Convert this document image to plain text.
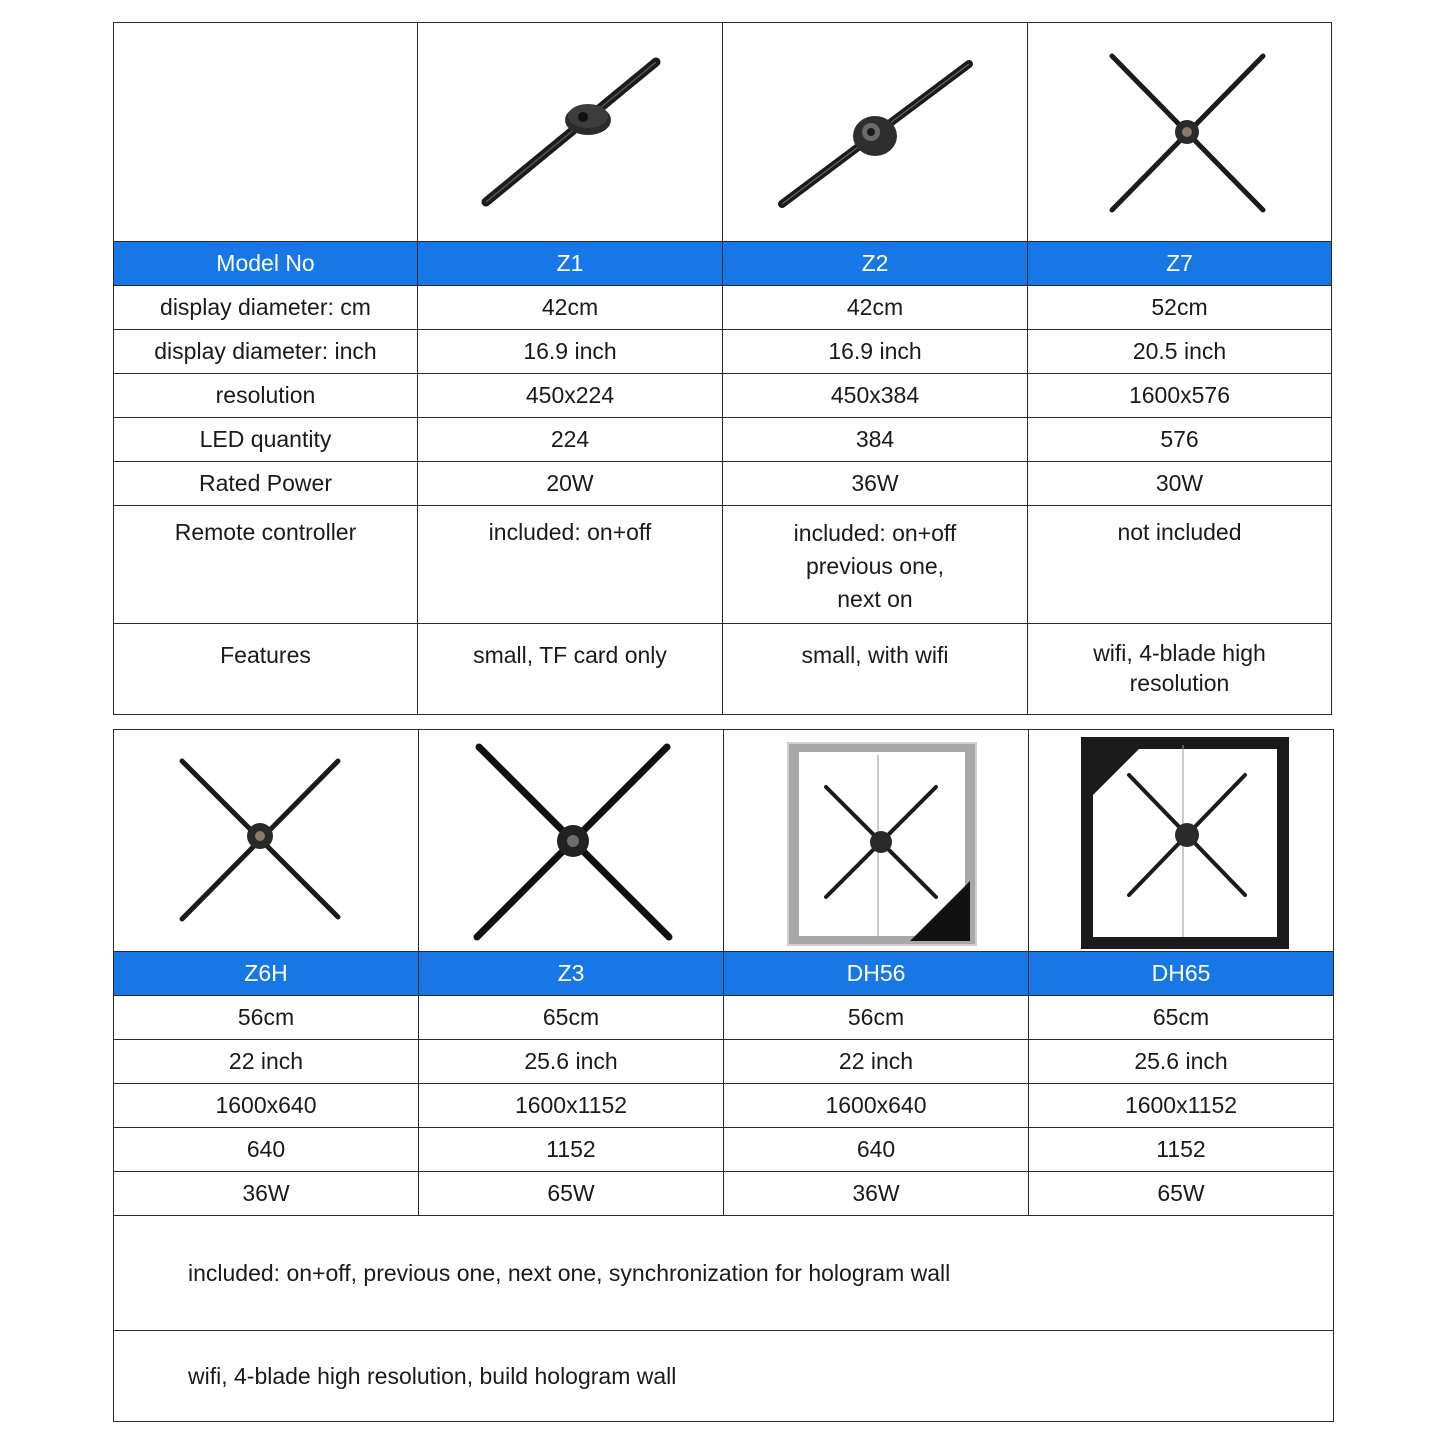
Model No	Z1	Z2	Z7
display diameter: cm	42cm	42cm	52cm
display diameter: inch	16.9 inch	16.9 inch	20.5 inch
resolution	450x224	450x384	1600x576
LED quantity	224	384	576
Rated Power	20W	36W	30W
Remote controller	included: on+off	included: on+off
previous one,
next on	not included
Features	small, TF card only	small, with wifi	wifi, 4-blade high
resolution

Z6H	Z3	DH56	DH65
56cm	65cm	56cm	65cm
22 inch	25.6 inch	22 inch	25.6 inch
1600x640	1600x1152	1600x640	1600x1152
640	1152	640	1152
36W	65W	36W	65W
included: on+off, previous one, next one, synchronization for hologram wall			
wifi, 4-blade high resolution, build hologram wall			
